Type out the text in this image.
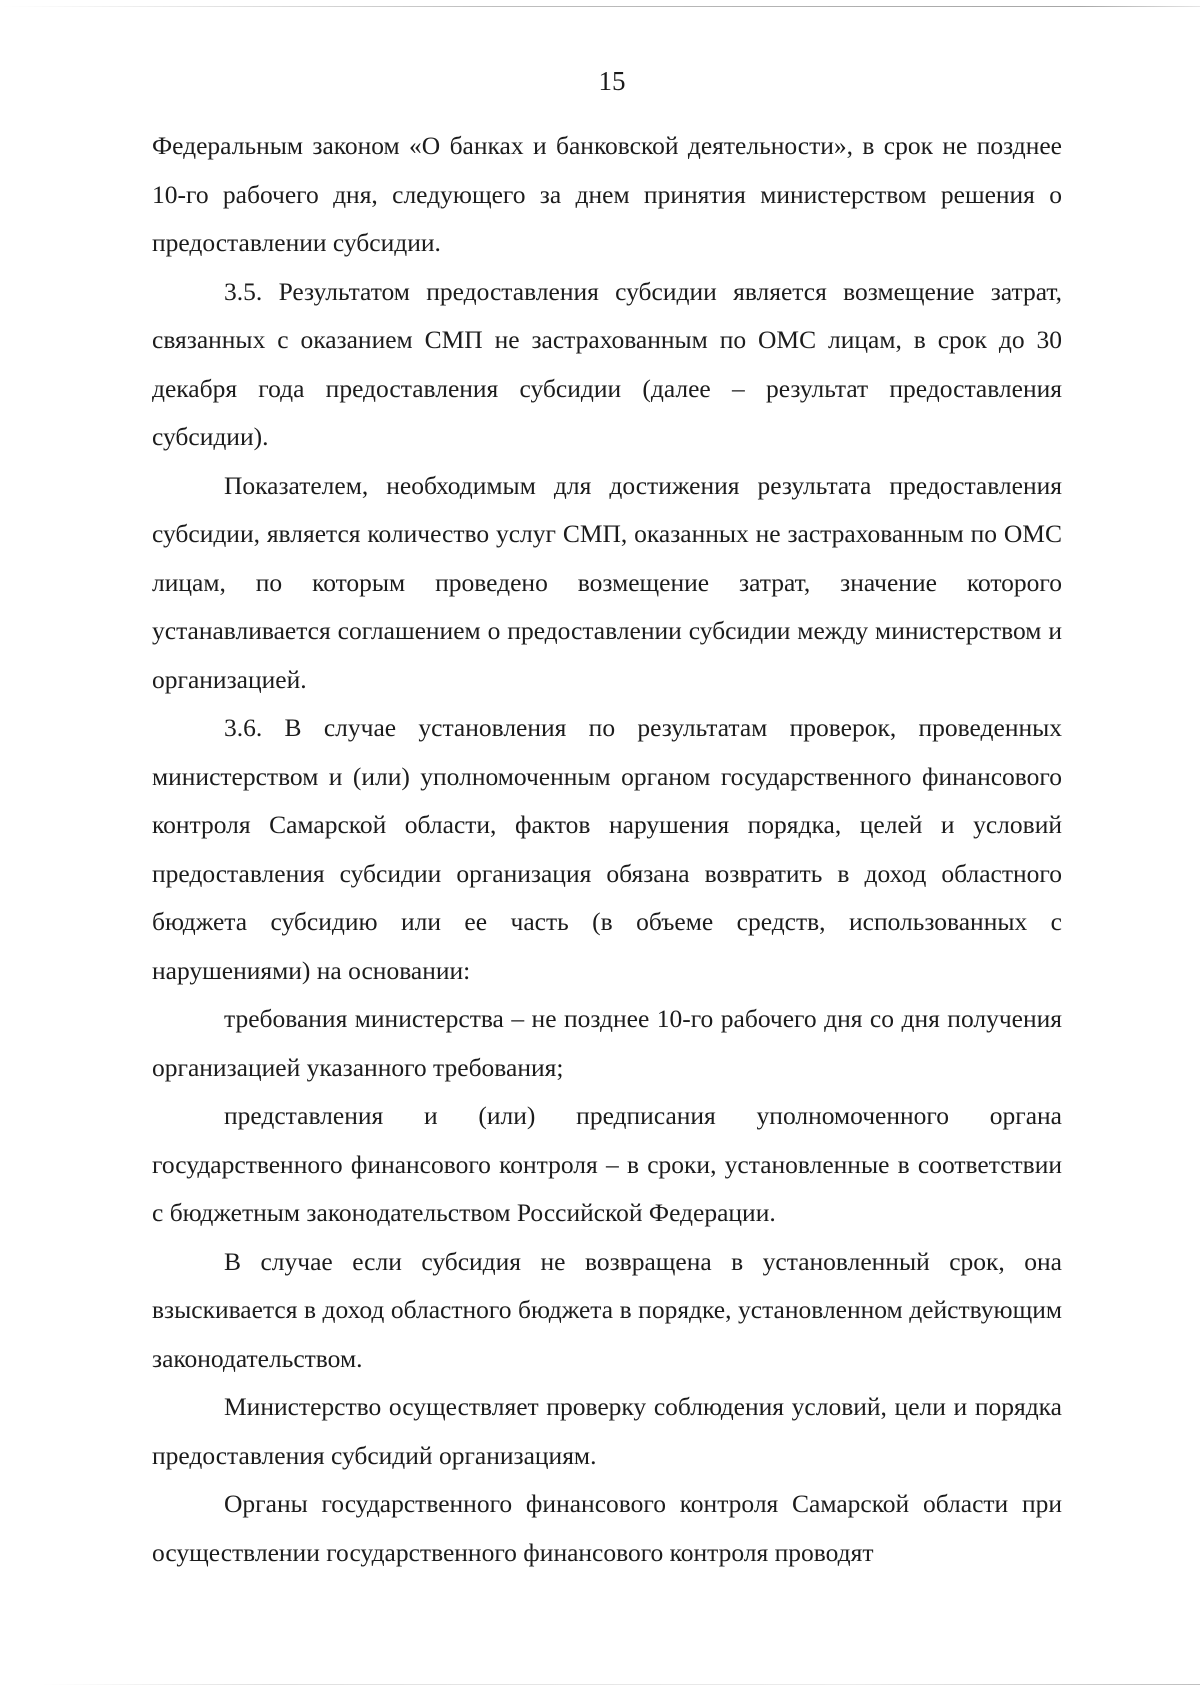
15

Федеральным законом «О банках и банковской деятельности», в срок не позднее 10-го рабочего дня, следующего за днем принятия министерством решения о предоставлении субсидии.

3.5. Результатом предоставления субсидии является возмещение затрат, связанных с оказанием СМП не застрахованным по ОМС лицам, в срок до 30 декабря года предоставления субсидии (далее – результат предоставления субсидии).

Показателем, необходимым для достижения результата предоставления субсидии, является количество услуг СМП, оказанных не застрахованным по ОМС лицам, по которым проведено возмещение затрат, значение которого устанавливается соглашением о предоставлении субсидии между министерством и организацией.

3.6. В случае установления по результатам проверок, проведенных министерством и (или) уполномоченным органом государственного финансового контроля Самарской области, фактов нарушения порядка, целей и условий предоставления субсидии организация обязана возвратить в доход областного бюджета субсидию или ее часть (в объеме средств, использованных с нарушениями) на основании:

требования министерства – не позднее 10-го рабочего дня со дня получения организацией указанного требования;

представления и (или) предписания уполномоченного органа государственного финансового контроля – в сроки, установленные в соответствии с бюджетным законодательством Российской Федерации.

В случае если субсидия не возвращена в установленный срок, она взыскивается в доход областного бюджета в порядке, установленном действующим законодательством.

Министерство осуществляет проверку соблюдения условий, цели и порядка предоставления субсидий организациям.

Органы государственного финансового контроля Самарской области при осуществлении государственного финансового контроля проводят
